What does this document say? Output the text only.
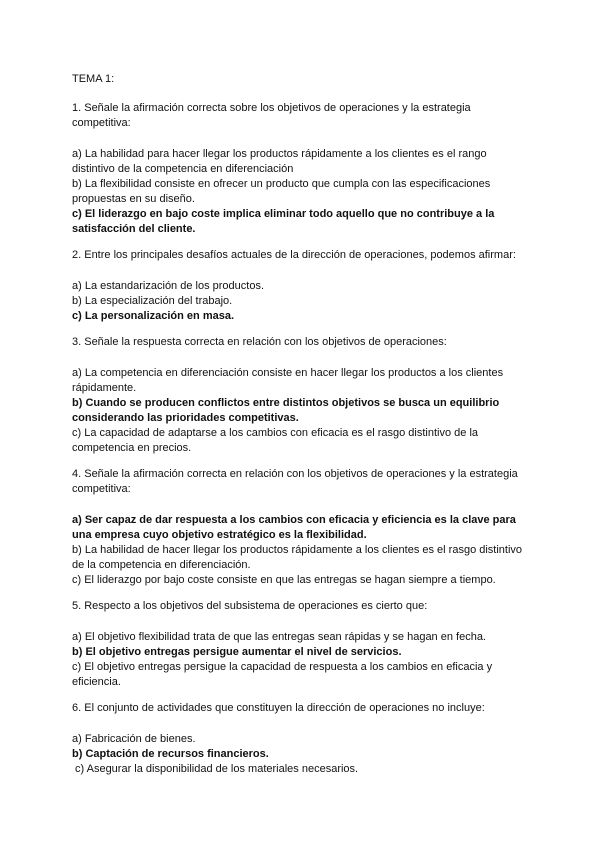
TEMA 1:
1. Señale la afirmación correcta sobre los objetivos de operaciones y la estrategia competitiva:
a) La habilidad para hacer llegar los productos rápidamente a los clientes es el rango distintivo de la competencia en diferenciación
b) La flexibilidad consiste en ofrecer un producto que cumpla con las especificaciones propuestas en su diseño.
c) El liderazgo en bajo coste implica eliminar todo aquello que no contribuye a la satisfacción del cliente.
2. Entre los principales desafíos actuales de la dirección de operaciones, podemos afirmar:
a) La estandarización de los productos.
b) La especialización del trabajo.
c) La personalización en masa.
3. Señale la respuesta correcta en relación con los objetivos de operaciones:
a) La competencia en diferenciación consiste en hacer llegar los productos a los clientes rápidamente.
b) Cuando se producen conflictos entre distintos objetivos se busca un equilibrio considerando las prioridades competitivas.
c) La capacidad de adaptarse a los cambios con eficacia es el rasgo distintivo de la competencia en precios.
4. Señale la afirmación correcta en relación con los objetivos de operaciones y la estrategia competitiva:
a) Ser capaz de dar respuesta a los cambios con eficacia y eficiencia es la clave para una empresa cuyo objetivo estratégico es la flexibilidad.
b) La habilidad de hacer llegar los productos rápidamente a los clientes es el rasgo distintivo de la competencia en diferenciación.
c) El liderazgo por bajo coste consiste en que las entregas se hagan siempre a tiempo.
5. Respecto a los objetivos del subsistema de operaciones es cierto que:
a) El objetivo flexibilidad trata de que las entregas sean rápidas y se hagan en fecha.
b) El objetivo entregas persigue aumentar el nivel de servicios.
c) El objetivo entregas persigue la capacidad de respuesta a los cambios en eficacia y eficiencia.
6. El conjunto de actividades que constituyen la dirección de operaciones no incluye:
a) Fabricación de bienes.
b) Captación de recursos financieros.
c) Asegurar la disponibilidad de los materiales necesarios.
